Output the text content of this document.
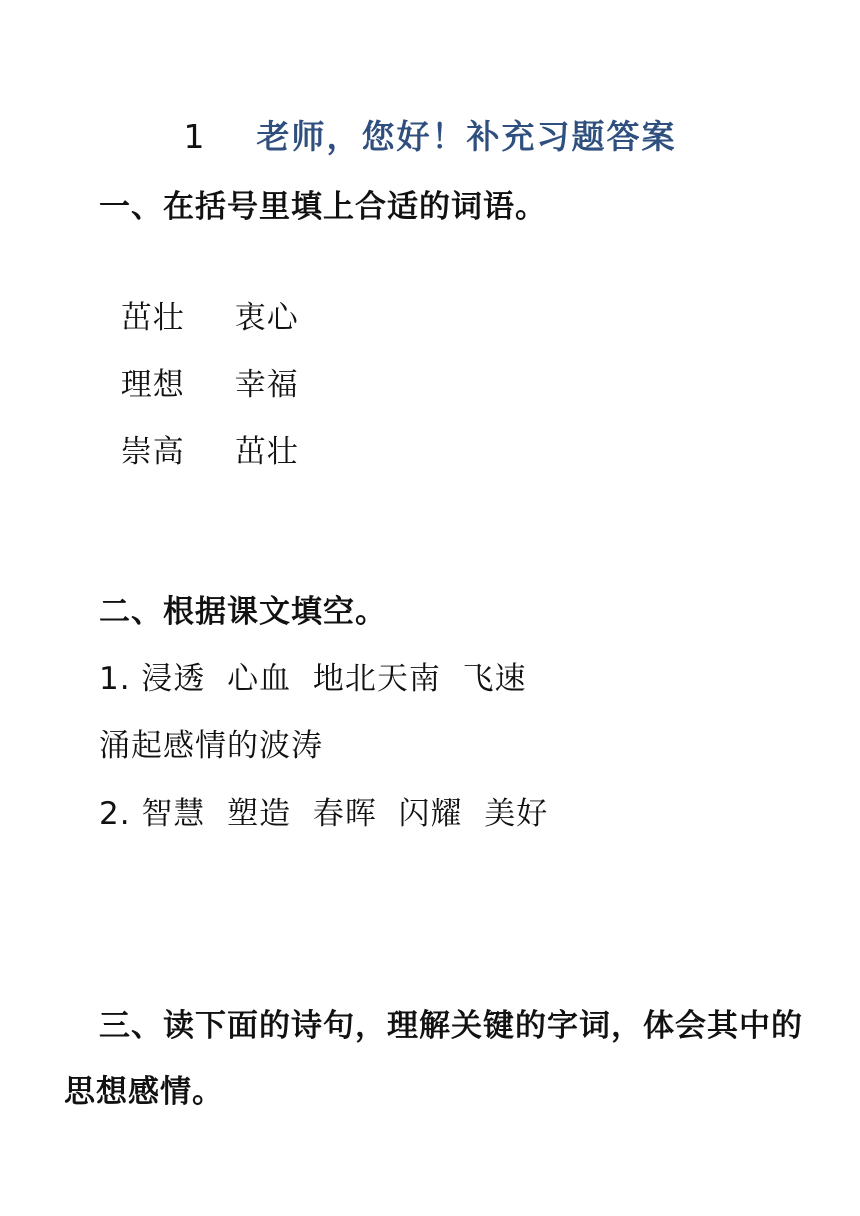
1 老师，您好！补充习题答案
一、在括号里填上合适的词语。

茁壮 衷心

理想 幸福

崇高 茁壮

二、根据课文填空。
1. 浸透  心血  地北天南  飞速
涌起感情的波涛
2. 智慧  塑造  春晖  闪耀  美好
三、读下面的诗句，理解关键的字词，体会其中的思想感情。
